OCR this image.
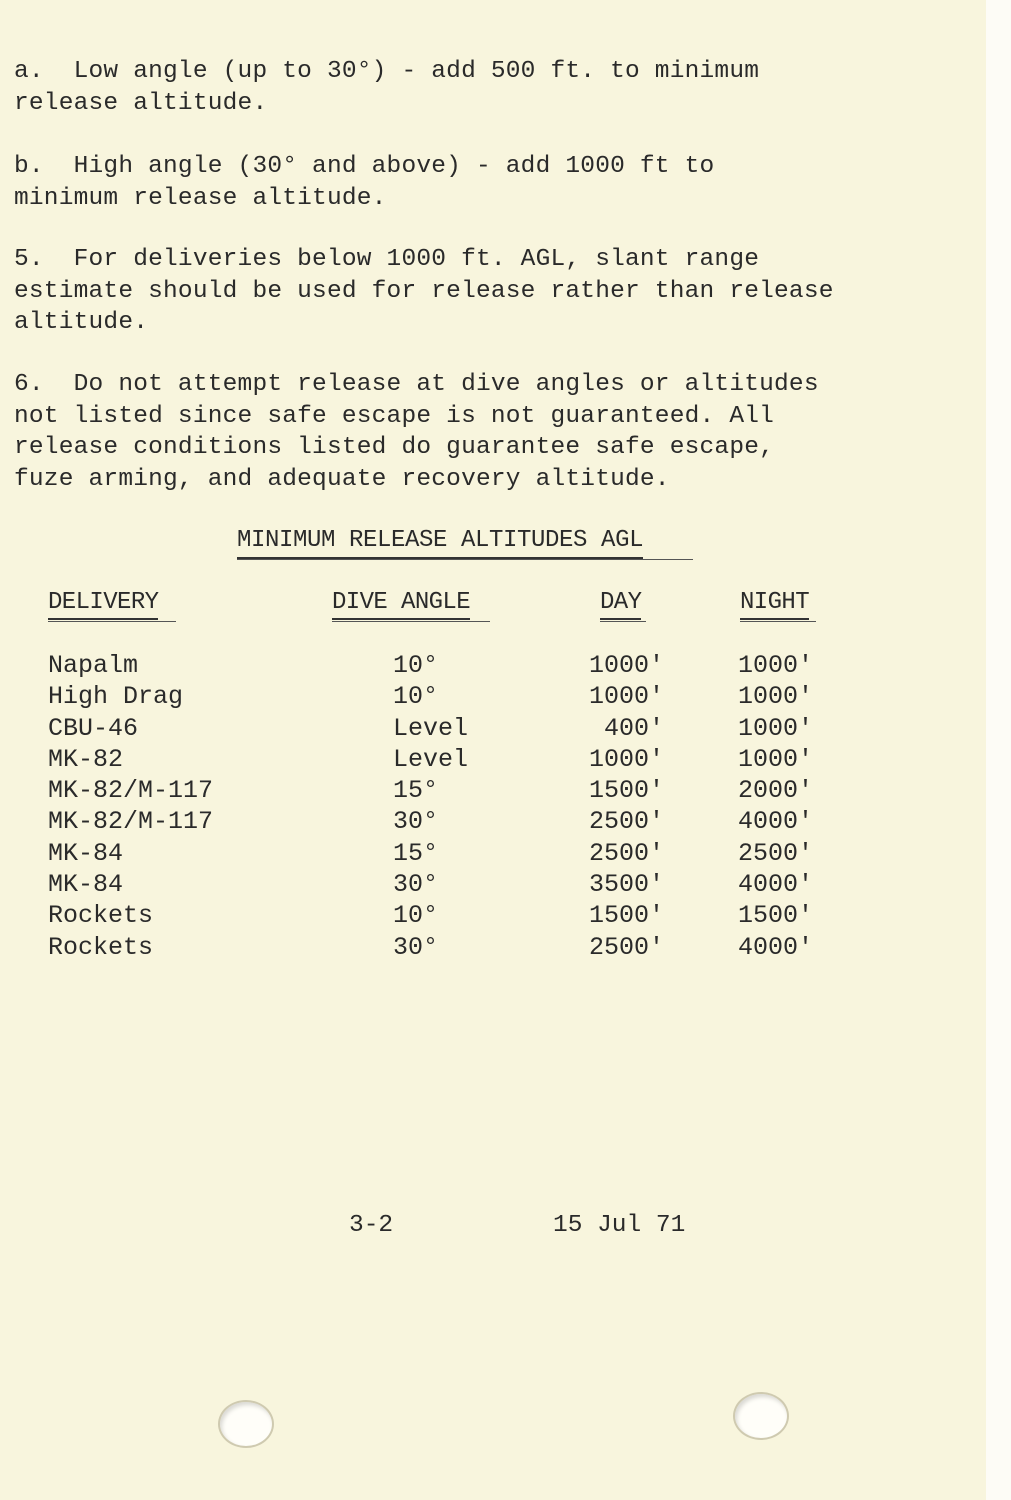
a.  Low angle (up to 30°) - add 500 ft. to minimum
release altitude.
b.  High angle (30° and above) - add 1000 ft to
minimum release altitude.
5.  For deliveries below 1000 ft. AGL, slant range
estimate should be used for release rather than release
altitude.
6.  Do not attempt release at dive angles or altitudes
not listed since safe escape is not guaranteed. All
release conditions listed do guarantee safe escape,
fuze arming, and adequate recovery altitude.
MINIMUM RELEASE ALTITUDES AGL
DELIVERY	DIVE ANGLE	DAY	NIGHT
Napalm	10°	1000'	1000'
High Drag	10°	1000'	1000'
CBU-46	Level	400'	1000'
MK-82	Level	1000'	1000'
MK-82/M-117	15°	1500'	2000'
MK-82/M-117	30°	2500'	4000'
MK-84	15°	2500'	2500'
MK-84	30°	3500'	4000'
Rockets	10°	1500'	1500'
Rockets	30°	2500'	4000'
3-2	15 Jul 71
